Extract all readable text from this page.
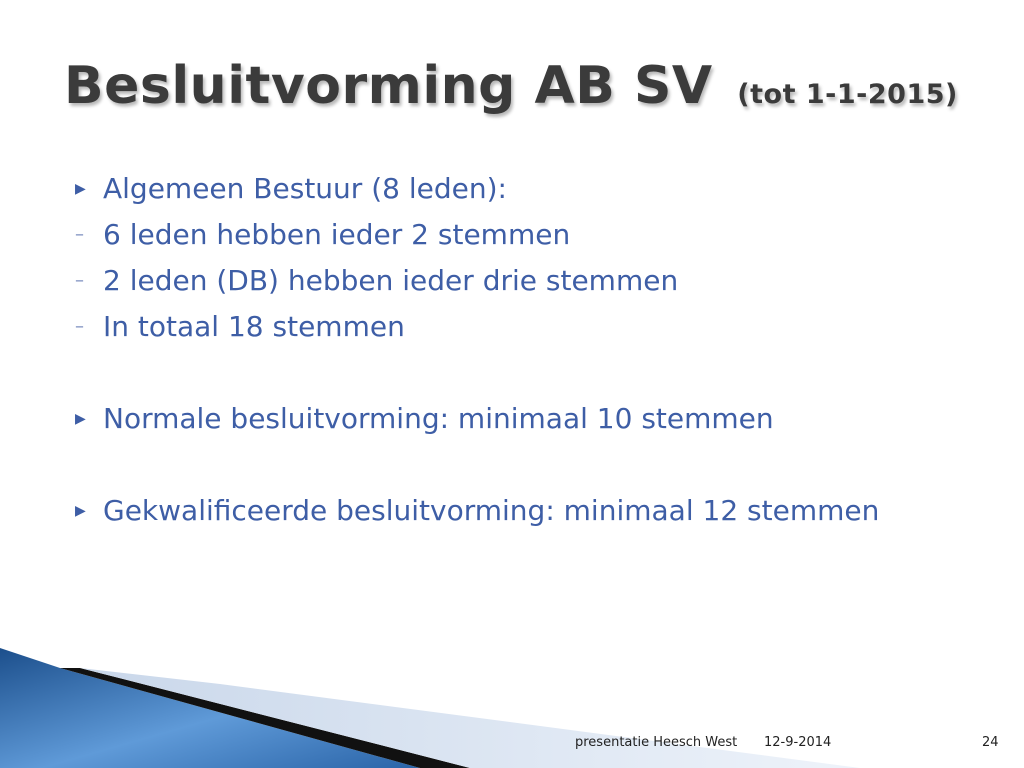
Besluitvorming AB SV (tot 1-1-2015)
▶ Algemeen Bestuur (8 leden):
– 6 leden hebben ieder 2 stemmen
– 2 leden (DB) hebben ieder drie stemmen
– In totaal 18 stemmen
▶ Normale besluitvorming: minimaal 10 stemmen
▶ Gekwalificeerde besluitvorming: minimaal 12 stemmen
presentatie Heesch West 12-9-2014	24
